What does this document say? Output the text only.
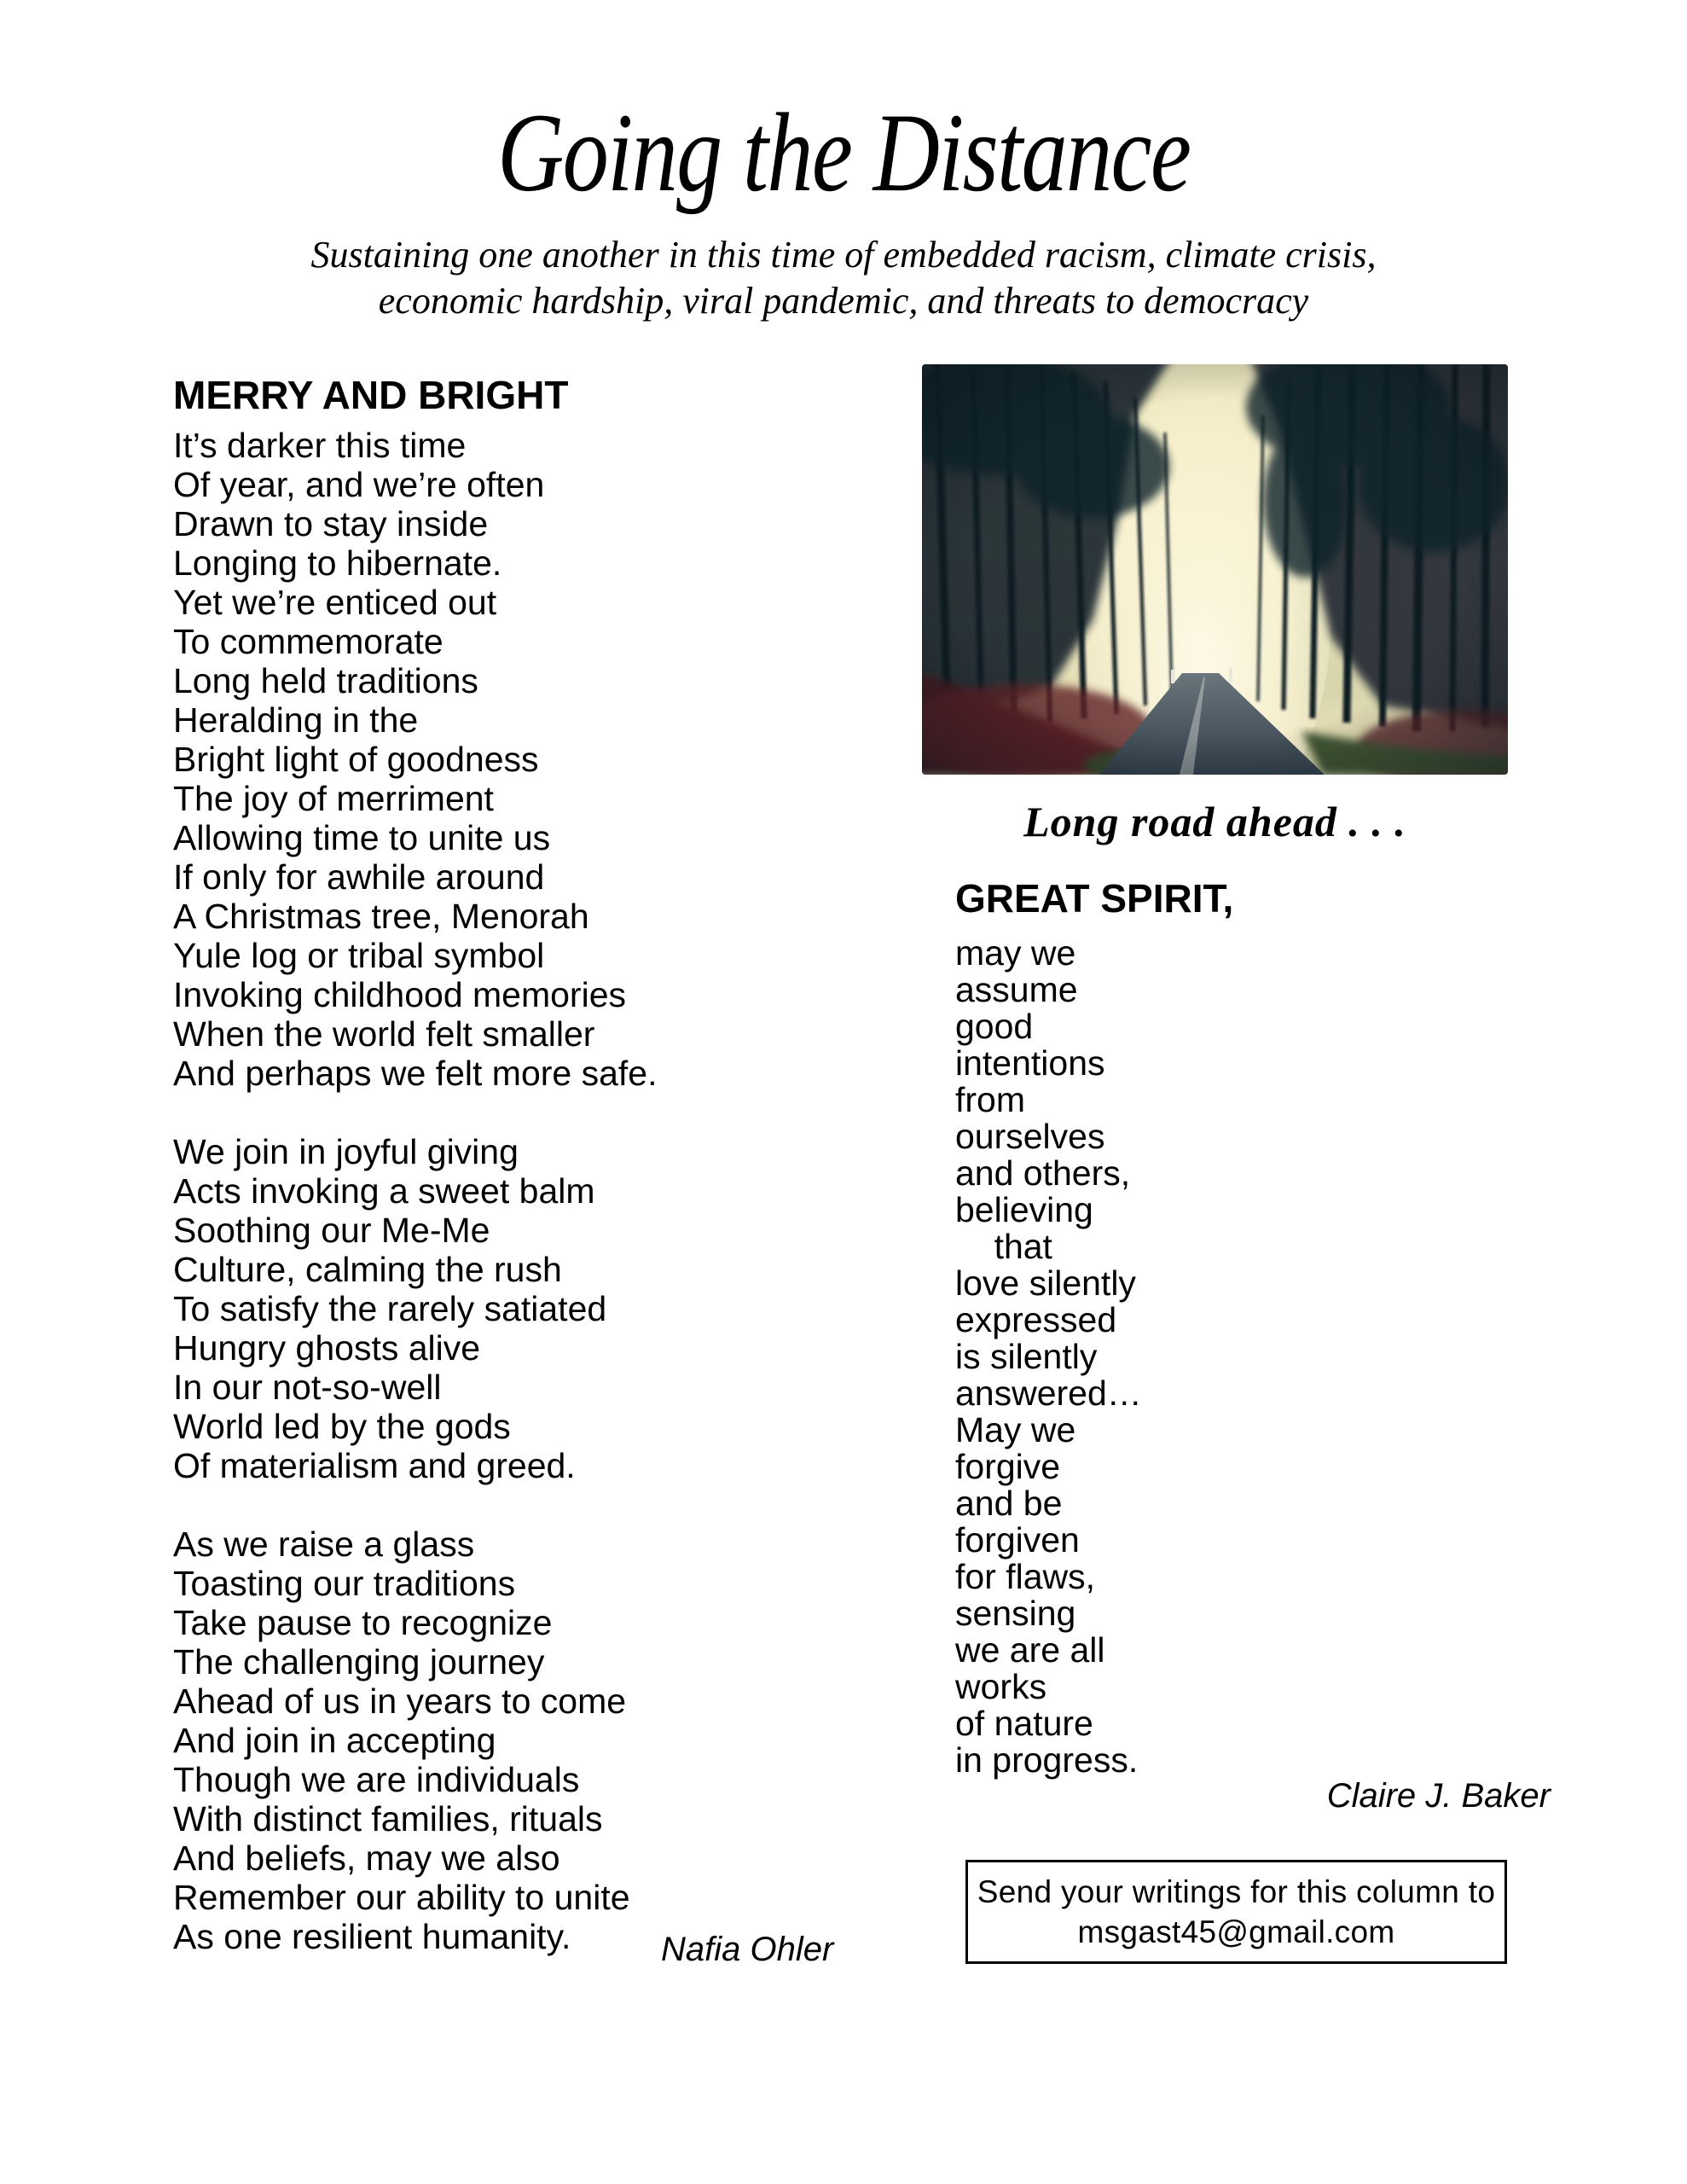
Going the Distance
Sustaining one another in this time of embedded racism, climate crisis,
economic hardship, viral pandemic, and threats to democracy
MERRY AND BRIGHT
It’s darker this time
Of year, and we’re often
Drawn to stay inside
Longing to hibernate.
Yet we’re enticed out
To commemorate
Long held traditions
Heralding in the
Bright light of goodness
The joy of merriment
Allowing time to unite us
If only for awhile around
A Christmas tree, Menorah
Yule log or tribal symbol
Invoking childhood memories
When the world felt smaller
And perhaps we felt more safe.
We join in joyful giving
Acts invoking a sweet balm
Soothing our Me-Me
Culture, calming the rush
To satisfy the rarely satiated
Hungry ghosts alive
In our not-so-well
World led by the gods
Of materialism and greed.
As we raise a glass
Toasting our traditions
Take pause to recognize
The challenging journey
Ahead of us in years to come
And join in accepting
Though we are individuals
With distinct families, rituals
And beliefs, may we also
Remember our ability to unite
As one resilient humanity.	Nafia Ohler
Long road ahead . . .
GREAT SPIRIT,
may we
assume
good
intentions
from
ourselves
and others,
believing
that
love silently
expressed
is silently
answered…
May we
forgive
and be
forgiven
for flaws,
sensing
we are all
works
of nature
in progress.
Claire J. Baker
Send your writings for this column to
msgast45@gmail.com
